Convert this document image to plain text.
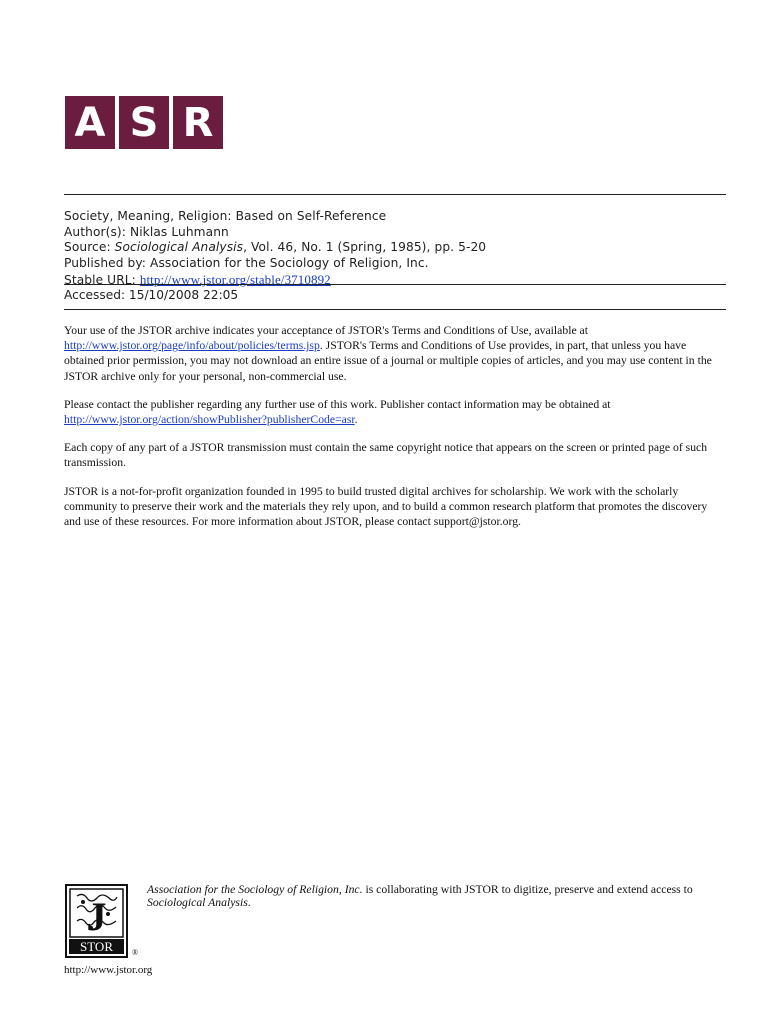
A S R
Society, Meaning, Religion: Based on Self-Reference
Author(s): Niklas Luhmann
Source: Sociological Analysis, Vol. 46, No. 1 (Spring, 1985), pp. 5-20
Published by: Association for the Sociology of Religion, Inc.
Stable URL: http://www.jstor.org/stable/3710892
Accessed: 15/10/2008 22:05

Your use of the JSTOR archive indicates your acceptance of JSTOR's Terms and Conditions of Use, available at http://www.jstor.org/page/info/about/policies/terms.jsp. JSTOR's Terms and Conditions of Use provides, in part, that unless you have obtained prior permission, you may not download an entire issue of a journal or multiple copies of articles, and you may use content in the JSTOR archive only for your personal, non-commercial use.

Please contact the publisher regarding any further use of this work. Publisher contact information may be obtained at http://www.jstor.org/action/showPublisher?publisherCode=asr.

Each copy of any part of a JSTOR transmission must contain the same copyright notice that appears on the screen or printed page of such transmission.

JSTOR is a not-for-profit organization founded in 1995 to build trusted digital archives for scholarship. We work with the scholarly community to preserve their work and the materials they rely upon, and to build a common research platform that promotes the discovery and use of these resources. For more information about JSTOR, please contact support@jstor.org.

J
STOR ®
Association for the Sociology of Religion, Inc. is collaborating with JSTOR to digitize, preserve and extend access to Sociological Analysis.
http://www.jstor.org
